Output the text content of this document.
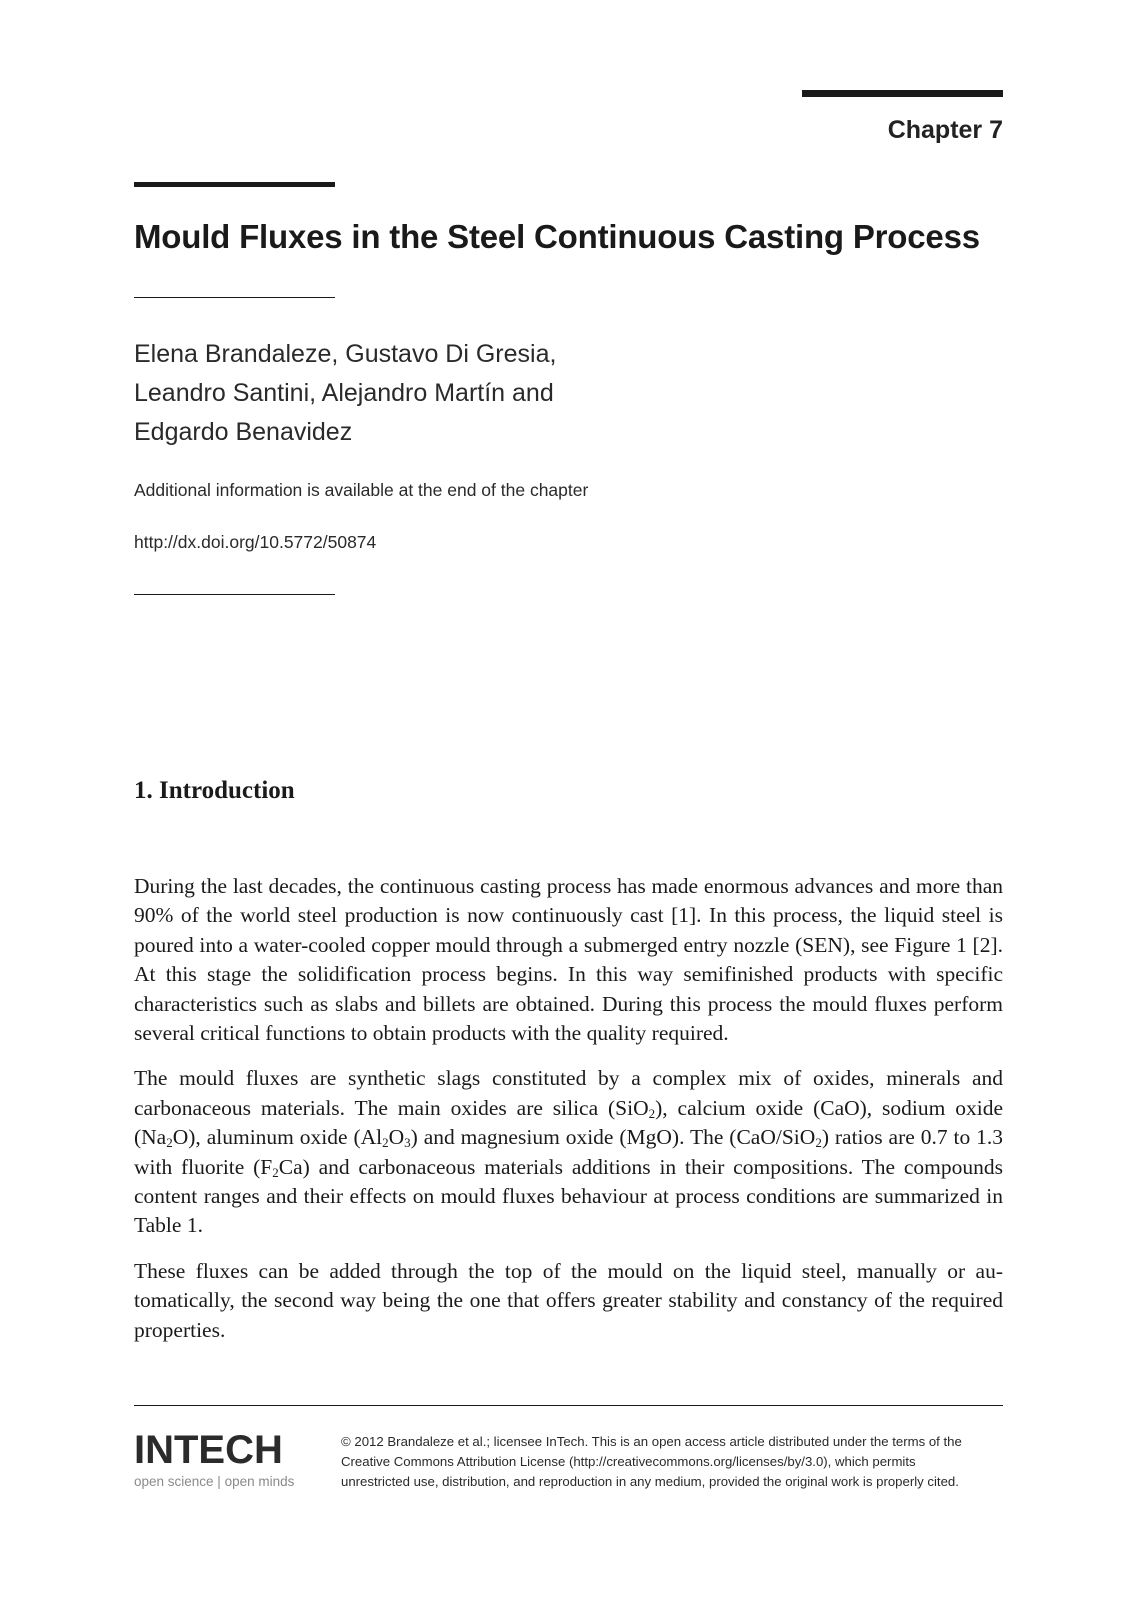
Chapter 7
Mould Fluxes in the Steel Continuous Casting Process
Elena Brandaleze, Gustavo Di Gresia,
Leandro Santini, Alejandro Martín and
Edgardo Benavidez
Additional information is available at the end of the chapter
http://dx.doi.org/10.5772/50874
1. Introduction

During the last decades, the continuous casting process has made enormous advances and more than 90% of the world steel production is now continuously cast [1]. In this process, the liquid steel is poured into a water-cooled copper mould through a submerged entry nozzle (SEN), see Figure 1 [2]. At this stage the solidification process begins. In this way semifinished products with specific characteristics such as slabs and billets are obtained. During this process the mould fluxes perform several critical functions to obtain products with the quality required.

The mould fluxes are synthetic slags constituted by a complex mix of oxides, minerals and carbonaceous materials. The main oxides are silica (SiO$_2$), calcium oxide (CaO), sodium oxide $(Na_2O)$, aluminum oxide $(Al_2O_3)$ and magnesium oxide (MgO). The (CaO/SiO$_2$) ratios are 0.7 to 1.3 with fluorite $(F_2Ca)$ and carbonaceous materials additions in their compositions. The compounds content ranges and their effects on mould fluxes behaviour at process conditions are summarized in Table 1.

These fluxes can be added through the top of the mould on the liquid steel, manually or automatically, the second way being the one that offers greater stability and constancy of the required properties.

INTECH
open science | open minds
© 2012 Brandaleze et al.; licensee InTech. This is an open access article distributed under the terms of the
Creative Commons Attribution License (http://creativecommons.org/licenses/by/3.0), which permits
unrestricted use, distribution, and reproduction in any medium, provided the original work is properly cited.
